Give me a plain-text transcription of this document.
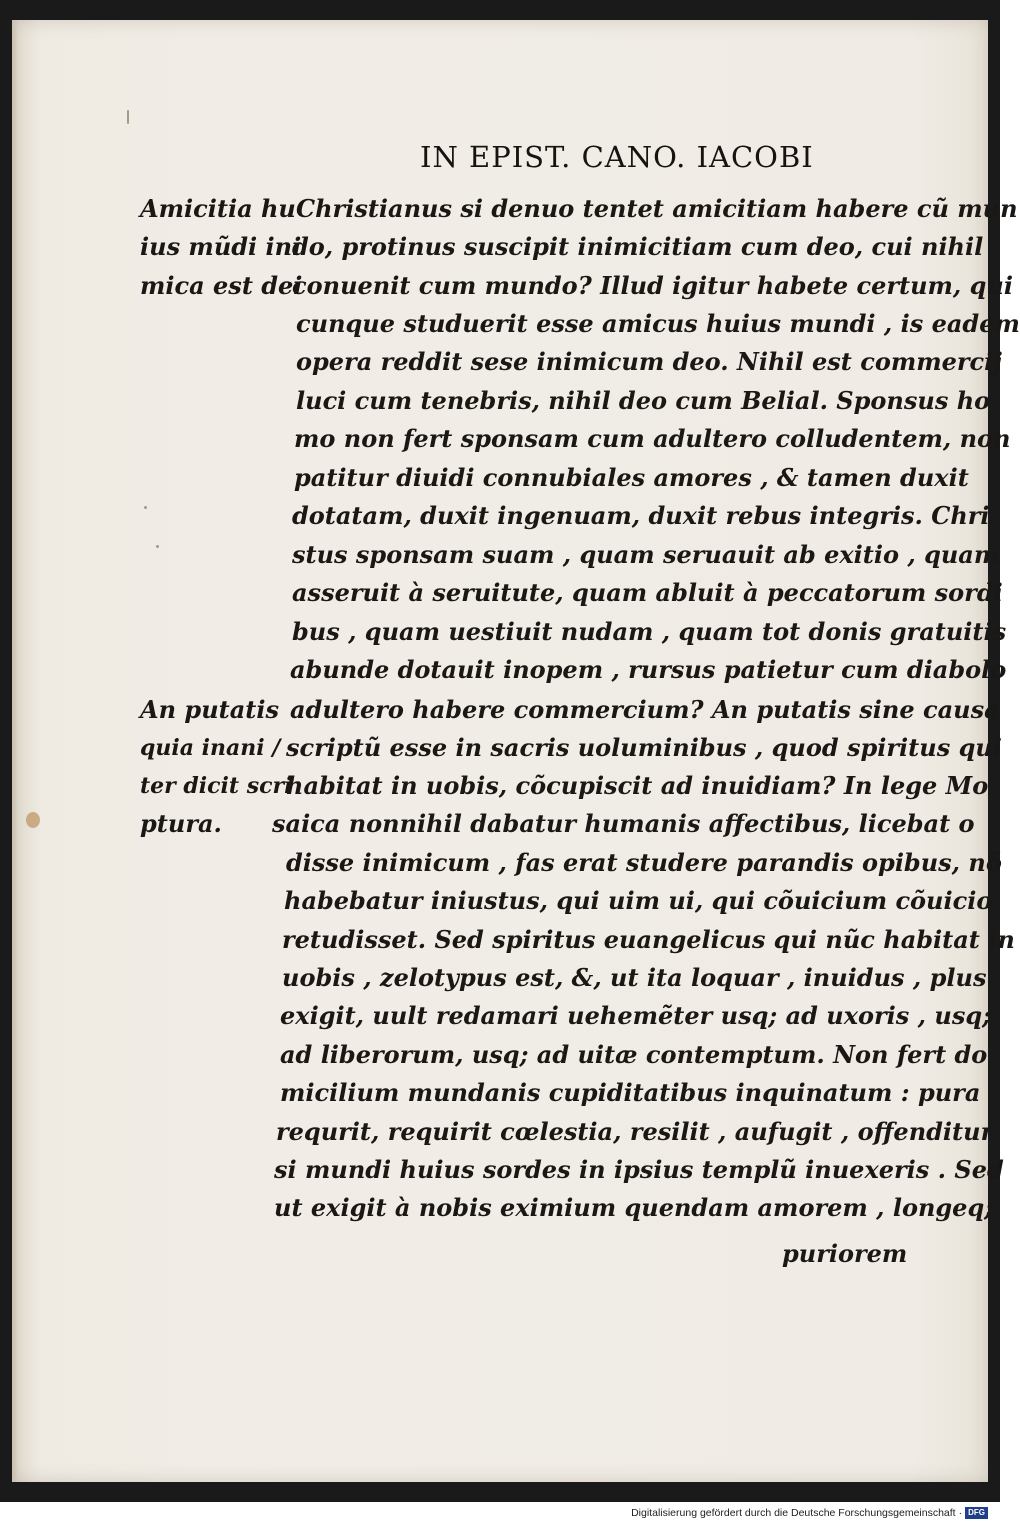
IN EPIST. CANO. IACOBI
Amicitia hu
ius mũdi ini
mica est dei
An putatis
quia inani /
ter dicit scri
ptura.
Christianus si denuo tentet amicitiam habere cũ mun
do, protinus suscipit inimicitiam cum deo, cui nihil
conuenit cum mundo? Illud igitur habete certum, qui
cunque studuerit esse amicus huius mundi , is eadem
opera reddit sese inimicum deo. Nihil est commercij
luci cum tenebris, nihil deo cum Belial. Sponsus ho
mo non fert sponsam cum adultero colludentem, non
patitur diuidi connubiales amores , & tamen duxit
dotatam, duxit ingenuam, duxit rebus integris. Chri
stus sponsam suam , quam seruauit ab exitio , quam
asseruit à seruitute, quam abluit à peccatorum sordi
bus , quam uestiuit nudam , quam tot donis gratuitis
abunde dotauit inopem , rursus patietur cum diabolo
adultero habere commercium? An putatis sine causa
scriptũ esse in sacris uoluminibus , quod spiritus qui
habitat in uobis, cõcupiscit ad inuidiam? In lege Mo
saica nonnihil dabatur humanis affectibus, licebat o
disse inimicum , fas erat studere parandis opibus, nõ
habebatur iniustus, qui uim ui, qui cõuicium cõuicio
retudisset. Sed spiritus euangelicus qui nũc habitat in
uobis , zelotypus est, &, ut ita loquar , inuidus , plus
exigit, uult redamari uehemẽter usq; ad uxoris , usq;
ad liberorum, usq; ad uitæ contemptum. Non fert do
micilium mundanis cupiditatibus inquinatum : pura
requrit, requirit cœlestia, resilit , aufugit , offenditur
si mundi huius sordes in ipsius templũ inuexeris . Sed
ut exigit à nobis eximium quendam amorem , longeq;
puriorem
Digitalisierung gefördert durch die Deutsche Forschungsgemeinschaft · DFG
